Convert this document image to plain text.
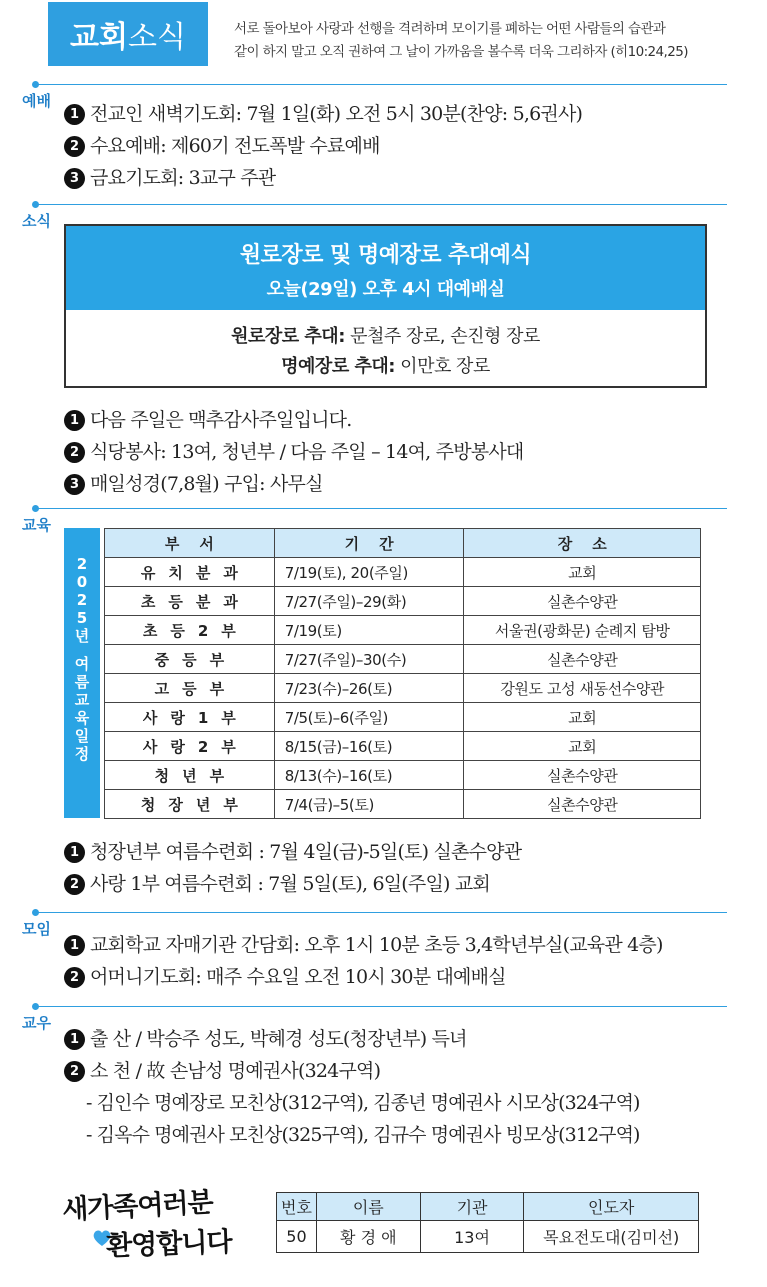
교회 소식	서로 돌아보아 사랑과 선행을 격려하며 모이기를 폐하는 어떤 사람들의 습관과
같이 하지 말고 오직 권하여 그 날이 가까움을 볼수록 더욱 그리하자 (히10:24,25)
예배
1 전교인 새벽기도회: 7월 1일(화) 오전 5시 30분(찬양: 5,6권사)
2 수요예배: 제60기 전도폭발 수료예배
3 금요기도회: 3교구 주관
소식
원로장로 및 명예장로 추대예식
오늘(29일) 오후 4시 대예배실
원로장로 추대: 문철주 장로, 손진형 장로
명예장로 추대: 이만호 장로
1 다음 주일은 맥추감사주일입니다.
2 식당봉사: 13여, 청년부 / 다음 주일 – 14여, 주방봉사대
3 매일성경(7,8월) 구입: 사무실
교육
2
0
2
5
년
여
름
교
육
일
정
부서	기간	장소
유치분과	7/19(토), 20(주일)	교회
초등분과	7/27(주일)–29(화)	실촌수양관
초등2부	7/19(토)	서울권(광화문) 순례지 탐방
중등부	7/27(주일)–30(수)	실촌수양관
고등부	7/23(수)–26(토)	강원도 고성 새동선수양관
사랑1부	7/5(토)–6(주일)	교회
사랑2부	8/15(금)–16(토)	교회
청년부	8/13(수)–16(토)	실촌수양관
청장년부	7/4(금)–5(토)	실촌수양관
1 청장년부 여름수련회 : 7월 4일(금)-5일(토) 실촌수양관
2 사랑 1부 여름수련회 : 7월 5일(토), 6일(주일) 교회
모임
1 교회학교 자매기관 간담회: 오후 1시 10분 초등 3,4학년부실(교육관 4층)
2 어머니기도회: 매주 수요일 오전 10시 30분 대예배실
교우
1 출 산 / 박승주 성도, 박혜경 성도(청장년부) 득녀
2 소 천 / 故 손남성 명예권사(324구역)
- 김인수 명예장로 모친상(312구역), 김종년 명예권사 시모상(324구역)
- 김옥수 명예권사 모친상(325구역), 김규수 명예권사 빙모상(312구역)
새가족여러분
환영합니다
번호	이름	기관	인도자
50	황 경 애	13여	목요전도대(김미선)
